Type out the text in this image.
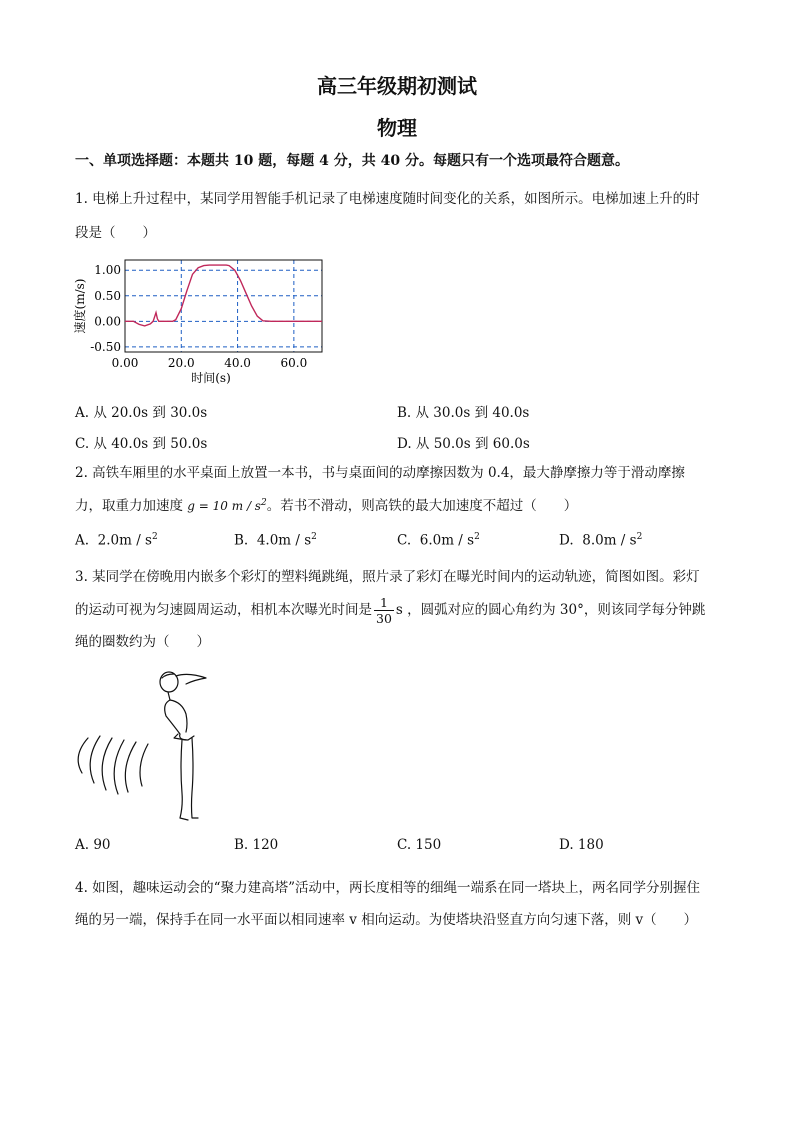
高三年级期初测试
物理
一、单项选择题：本题共 10 题，每题 4 分，共 40 分。每题只有一个选项最符合题意。
1. 电梯上升过程中，某同学用智能手机记录了电梯速度随时间变化的关系，如图所示。电梯加速上升的时
段是（　　）
0.00 20.0 40.0 60.0
1.00
0.50
0.00
-0.50
速度(m/s)
时间(s)
A. 从 20.0s 到 30.0s	B. 从 30.0s 到 40.0s
C. 从 40.0s 到 50.0s	D. 从 50.0s 到 60.0s
2. 高铁车厢里的水平桌面上放置一本书，书与桌面间的动摩擦因数为 0.4，最大静摩擦力等于滑动摩擦
力，取重力加速度 g = 10 m / $s^2$。若书不滑动，则高铁的最大加速度不超过（　　）
A. $2.0m / s^2$	B. $4.0m / s^2$	C. $6.0m / s^2$	D. $8.0m / s^2$
3. 某同学在傍晚用内嵌多个彩灯的塑料绳跳绳，照片录了彩灯在曝光时间内的运动轨迹，简图如图。彩灯
的运动可视为匀速圆周运动，相机本次曝光时间是 $\frac{1}{30}$ s ，圆弧对应的圆心角约为 30°，则该同学每分钟跳
绳的圈数约为（　　）
A. 90	B. 120	C. 150	D. 180
4. 如图，趣味运动会的“聚力建高塔”活动中，两长度相等的细绳一端系在同一塔块上，两名同学分别握住
绳的另一端，保持手在同一水平面以相同速率 v 相向运动。为使塔块沿竖直方向匀速下落，则 v（　　）
